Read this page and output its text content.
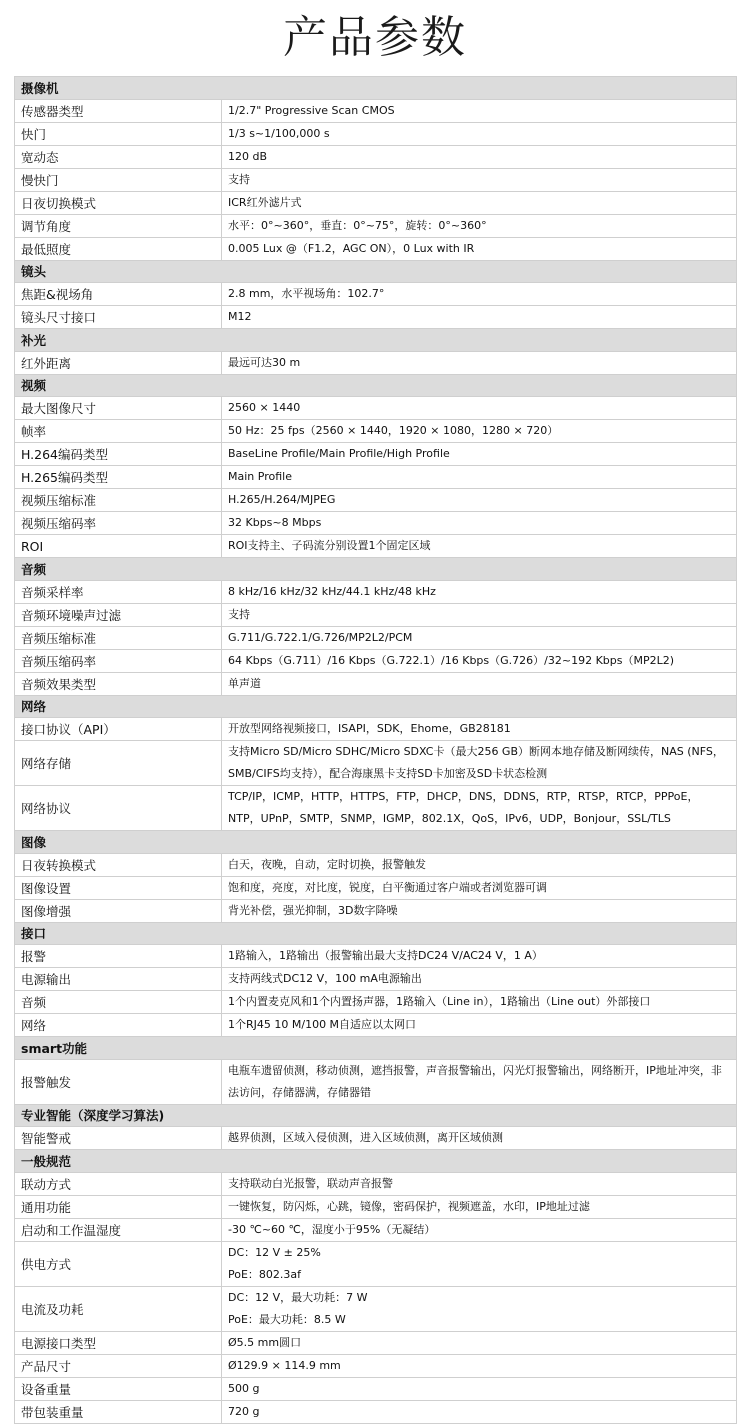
产品参数
摄像机	
传感器类型	1/2.7" Progressive Scan CMOS
快门	1/3 s~1/100,000 s
宽动态	120 dB
慢快门	支持
日夜切换模式	ICR红外滤片式
调节角度	水平：0°~360°，垂直：0°~75°，旋转：0°~360°
最低照度	0.005 Lux @（F1.2，AGC ON），0 Lux with IR
镜头	
焦距&视场角	2.8 mm，水平视场角：102.7°
镜头尺寸接口	M12
补光	
红外距离	最远可达30 m
视频	
最大图像尺寸	2560 × 1440
帧率	50 Hz：25 fps（2560 × 1440，1920 × 1080，1280 × 720）
H.264编码类型	BaseLine Profile/Main Profile/High Profile
H.265编码类型	Main Profile
视频压缩标准	H.265/H.264/MJPEG
视频压缩码率	32 Kbps~8 Mbps
ROI	ROI支持主、子码流分别设置1个固定区域
音频	
音频采样率	8 kHz/16 kHz/32 kHz/44.1 kHz/48 kHz
音频环境噪声过滤	支持
音频压缩标准	G.711/G.722.1/G.726/MP2L2/PCM
音频压缩码率	64 Kbps（G.711）/16 Kbps（G.722.1）/16 Kbps（G.726）/32~192 Kbps（MP2L2)
音频效果类型	单声道
网络	
接口协议（API）	开放型网络视频接口，ISAPI，SDK，Ehome，GB28181
网络存储	支持Micro SD/Micro SDHC/Micro SDXC卡（最大256 GB）断网本地存储及断网续传，NAS (NFS，SMB/CIFS均支持），配合海康黑卡支持SD卡加密及SD卡状态检测
网络协议	TCP/IP，ICMP，HTTP，HTTPS，FTP，DHCP，DNS，DDNS，RTP，RTSP，RTCP，PPPoE，NTP，UPnP，SMTP，SNMP，IGMP，802.1X，QoS，IPv6，UDP，Bonjour，SSL/TLS
图像	
日夜转换模式	白天，夜晚，自动，定时切换，报警触发
图像设置	饱和度，亮度，对比度，锐度，白平衡通过客户端或者浏览器可调
图像增强	背光补偿，强光抑制，3D数字降噪
接口	
报警	1路输入，1路输出（报警输出最大支持DC24 V/AC24 V，1 A）
电源输出	支持两线式DC12 V，100 mA电源输出
音频	1个内置麦克风和1个内置扬声器，1路输入（Line in），1路输出（Line out）外部接口
网络	1个RJ45 10 M/100 M自适应以太网口
smart功能	
报警触发	电瓶车遗留侦测，移动侦测，遮挡报警，声音报警输出，闪光灯报警输出，网络断开，IP地址冲突，非法访问，存储器满，存储器错
专业智能（深度学习算法)	
智能警戒	越界侦测，区域入侵侦测，进入区域侦测，离开区域侦测
一般规范	
联动方式	支持联动白光报警，联动声音报警
通用功能	一键恢复，防闪烁，心跳，镜像，密码保护，视频遮盖，水印，IP地址过滤
启动和工作温湿度	-30 ℃~60 ℃，湿度小于95%（无凝结）
供电方式	DC：12 V ± 25%
PoE：802.3af

电流及功耗	DC：12 V，最大功耗：7 W
PoE：最大功耗：8.5 W

电源接口类型	Ø5.5 mm圆口
产品尺寸	Ø129.9 × 114.9 mm
设备重量	500 g
带包装重量	720 g
